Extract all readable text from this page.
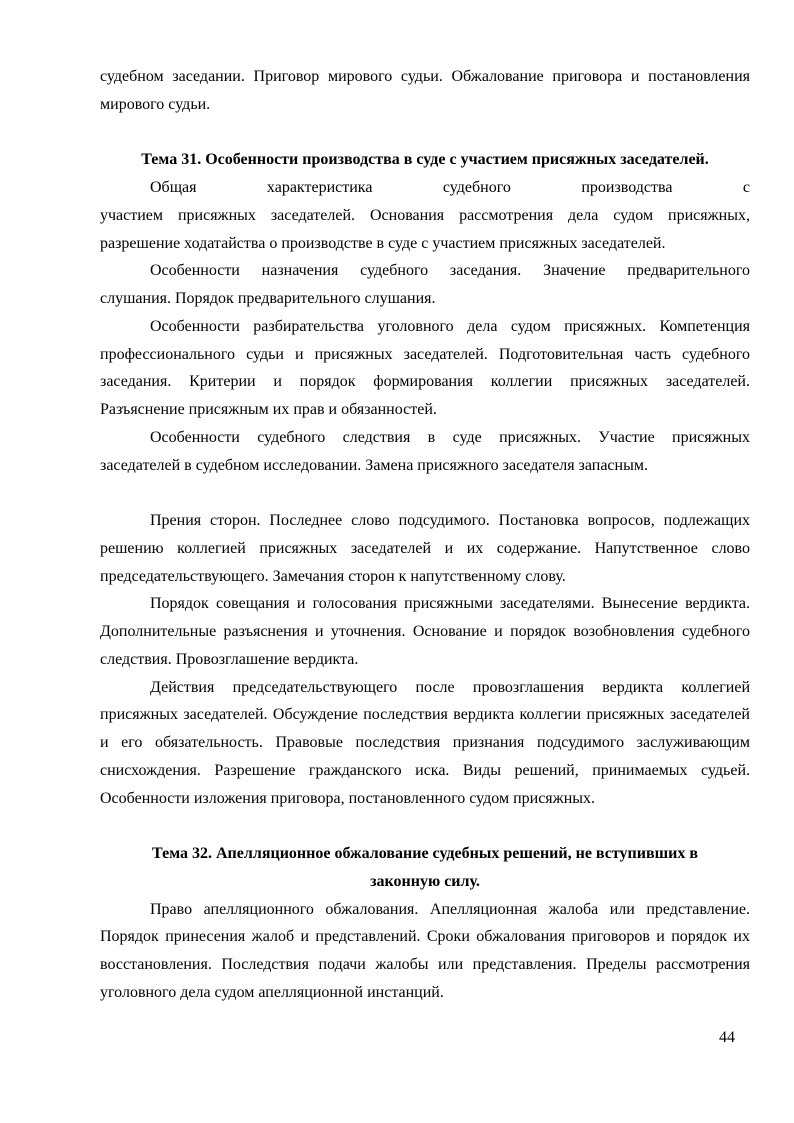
судебном заседании. Приговор мирового судьи. Обжалование приговора и постановления
мирового судьи.
Тема 31. Особенности производства в суде с участием присяжных заседателей.
Общая характеристика судебного производства с
участием присяжных заседателей. Основания рассмотрения дела судом присяжных,
разрешение ходатайства о производстве в суде с участием присяжных заседателей.
Особенности назначения судебного заседания. Значение предварительного
слушания. Порядок предварительного слушания.
Особенности разбирательства уголовного дела судом присяжных. Компетенция
профессионального судьи и присяжных заседателей. Подготовительная часть судебного
заседания. Критерии и порядок формирования коллегии присяжных заседателей.
Разъяснение присяжным их прав и обязанностей.
Особенности судебного следствия в суде присяжных. Участие присяжных
заседателей в судебном исследовании. Замена присяжного заседателя запасным.
Прения сторон. Последнее слово подсудимого. Постановка вопросов, подлежащих
решению коллегией присяжных заседателей и их содержание. Напутственное слово
председательствующего. Замечания сторон к напутственному слову.
Порядок совещания и голосования присяжными заседателями. Вынесение вердикта.
Дополнительные разъяснения и уточнения. Основание и порядок возобновления судебного
следствия. Провозглашение вердикта.
Действия председательствующего после провозглашения вердикта коллегией
присяжных заседателей. Обсуждение последствия вердикта коллегии присяжных заседателей
и его обязательность. Правовые последствия признания подсудимого заслуживающим
снисхождения. Разрешение гражданского иска. Виды решений, принимаемых судьей.
Особенности изложения приговора, постановленного судом присяжных.
Тема 32. Апелляционное обжалование судебных решений, не вступивших в
законную силу.
Право апелляционного обжалования. Апелляционная жалоба или представление.
Порядок принесения жалоб и представлений. Сроки обжалования приговоров и порядок их
восстановления. Последствия подачи жалобы или представления. Пределы рассмотрения
уголовного дела судом апелляционной инстанций.
44
